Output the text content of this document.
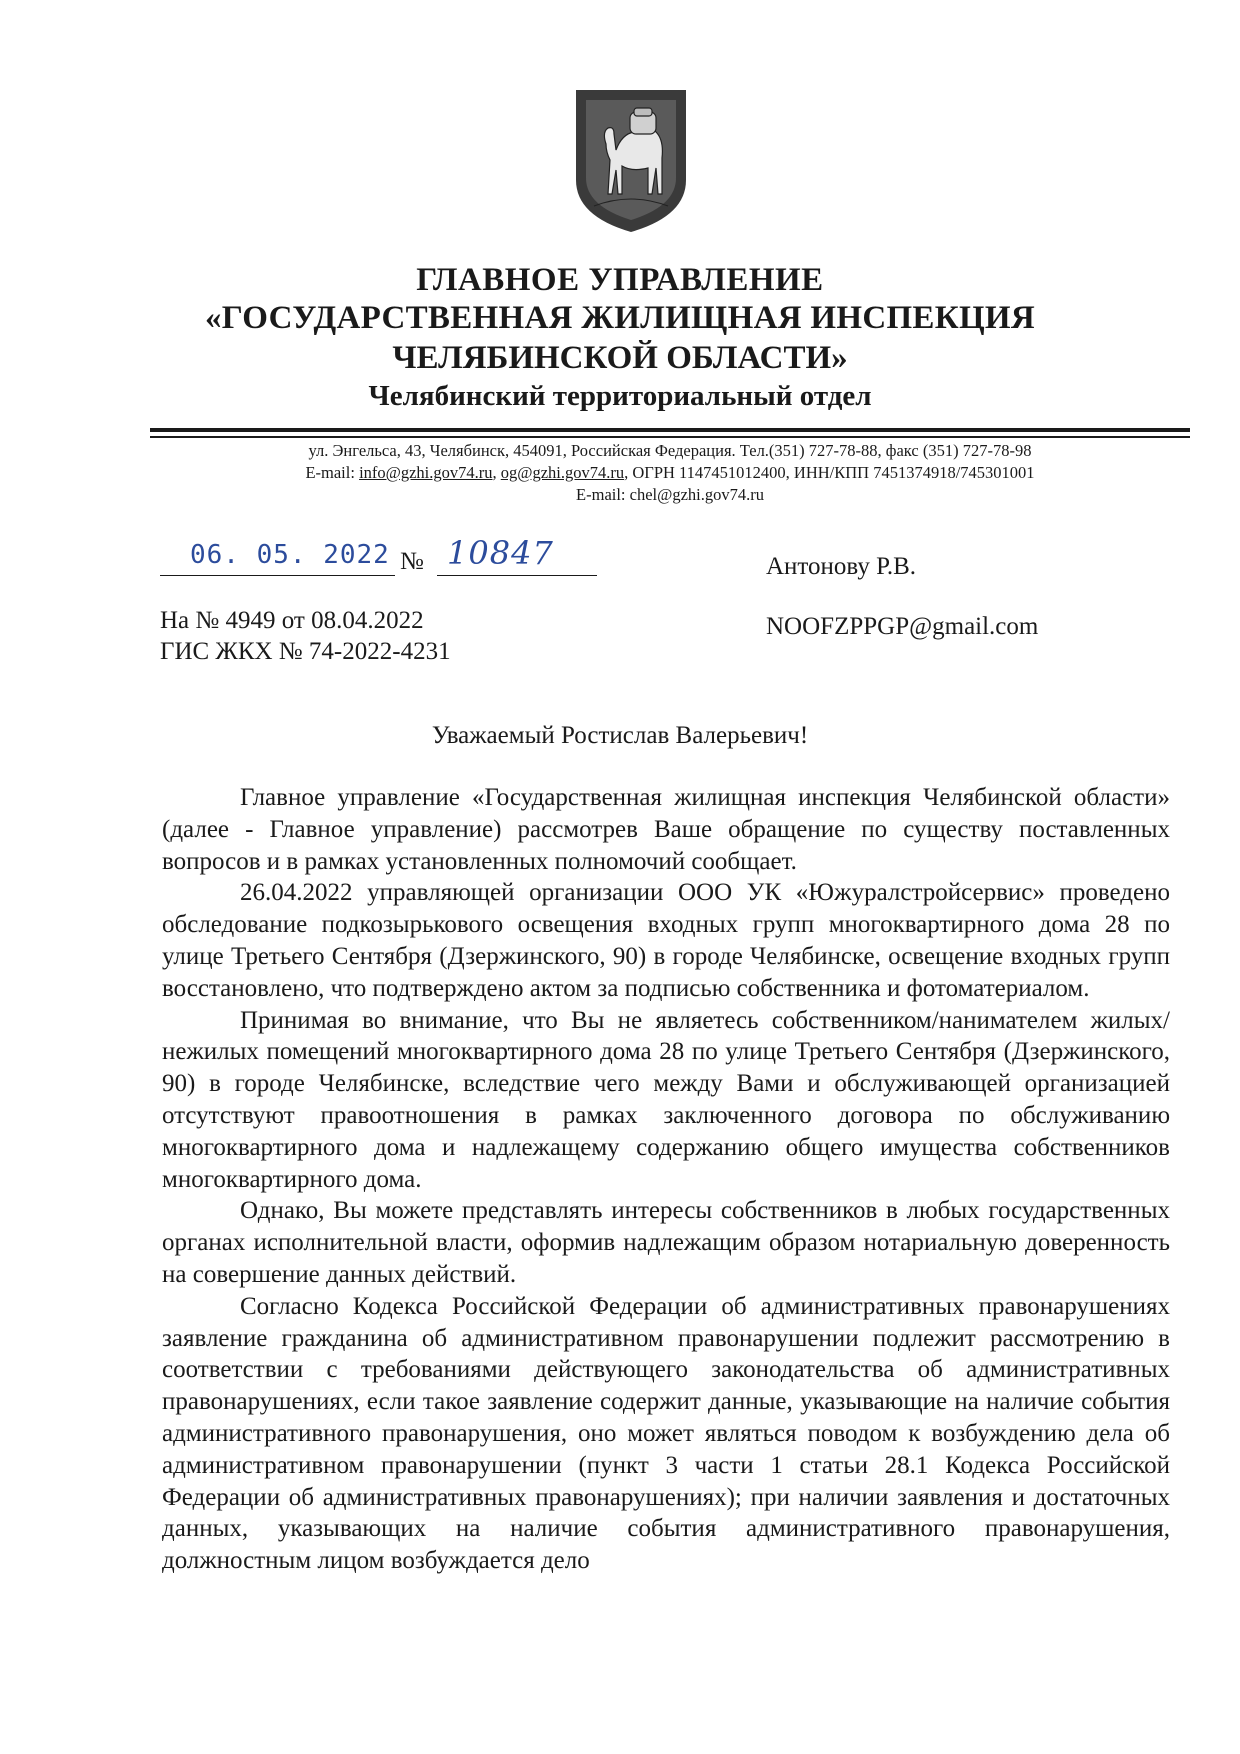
ГЛАВНОЕ УПРАВЛЕНИЕ
«ГОСУДАРСТВЕННАЯ ЖИЛИЩНАЯ ИНСПЕКЦИЯ
ЧЕЛЯБИНСКОЙ ОБЛАСТИ»
Челябинский территориальный отдел
ул. Энгельса, 43, Челябинск, 454091, Российская Федерация. Тел.(351) 727-78-88, факс (351) 727-78-98
E-mail: info@gzhi.gov74.ru, og@gzhi.gov74.ru, ОГРН 1147451012400, ИНН/КПП 7451374918/745301001
E-mail: chel@gzhi.gov74.ru
06. 05. 2022 № 10847	Антонову Р.В.
NOOFZPPGP@gmail.com
На № 4949 от 08.04.2022
ГИС ЖКХ № 74-2022-4231
Уважаемый Ростислав Валерьевич!

Главное управление «Государственная жилищная инспекция Челябинской области» (далее - Главное управление) рассмотрев Ваше обращение по существу поставленных вопросов и в рамках установленных полномочий сообщает.

26.04.2022 управляющей организации ООО УК «Южуралстройсервис» проведено обследование подкозырькового освещения входных групп многоквартирного дома 28 по улице Третьего Сентября (Дзержинского, 90) в городе Челябинске, освещение входных групп восстановлено, что подтверждено актом за подписью собственника и фотоматериалом.

Принимая во внимание, что Вы не являетесь собственником/нанимателем жилых/нежилых помещений многоквартирного дома 28 по улице Третьего Сентября (Дзержинского, 90) в городе Челябинске, вследствие чего между Вами и обслуживающей организацией отсутствуют правоотношения в рамках заключенного договора по обслуживанию многоквартирного дома и надлежащему содержанию общего имущества собственников многоквартирного дома.

Однако, Вы можете представлять интересы собственников в любых государственных органах исполнительной власти, оформив надлежащим образом нотариальную доверенность на совершение данных действий.

Согласно Кодекса Российской Федерации об административных правонарушениях заявление гражданина об административном правонарушении подлежит рассмотрению в соответствии с требованиями действующего законодательства об административных правонарушениях, если такое заявление содержит данные, указывающие на наличие события административного правонарушения, оно может являться поводом к возбуждению дела об административном правонарушении (пункт 3 части 1 статьи 28.1 Кодекса Российской Федерации об административных правонарушениях); при наличии заявления и достаточных данных, указывающих на наличие события административного правонарушения, должностным лицом возбуждается дело
